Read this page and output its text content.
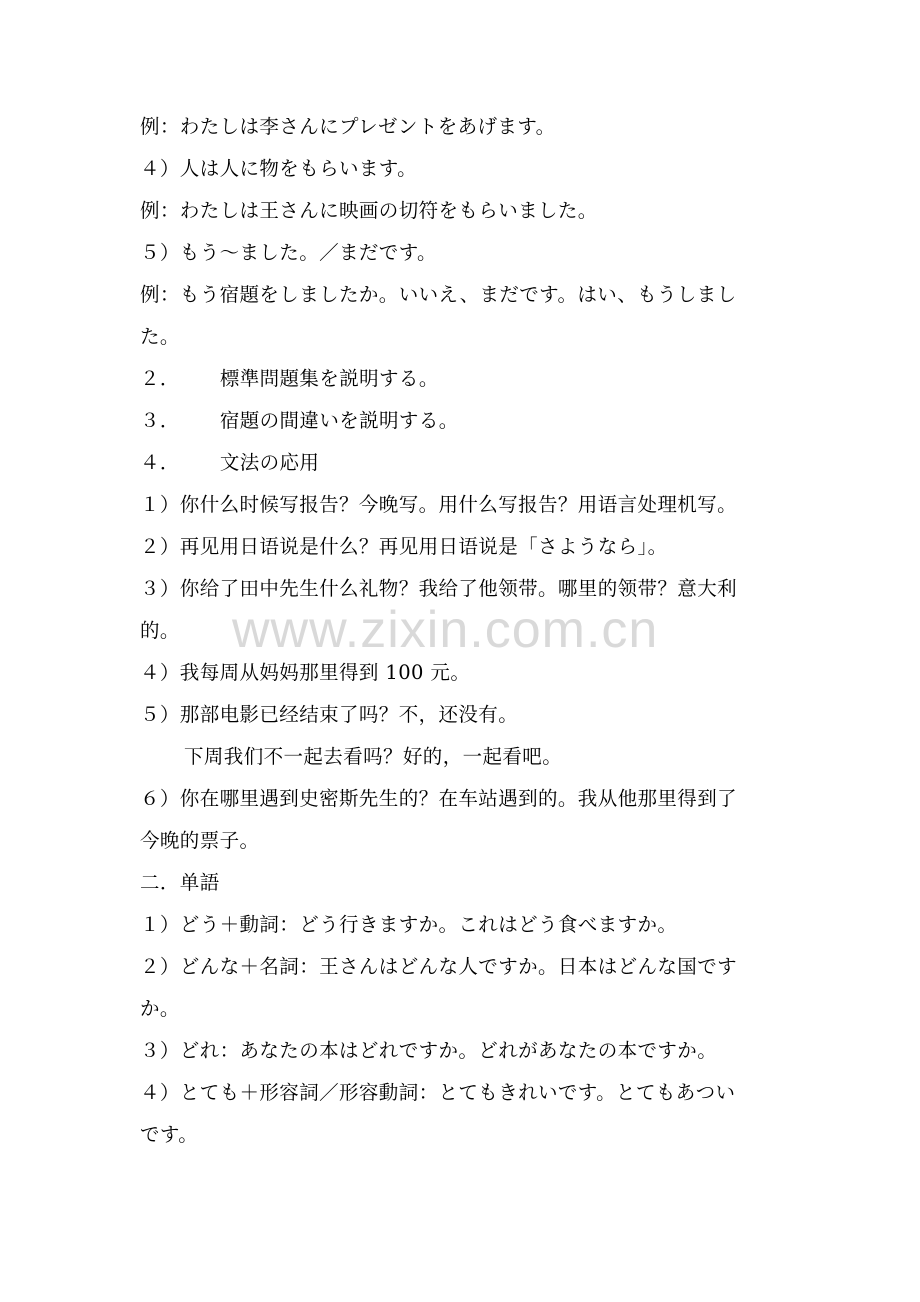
例：わたしは李さんにプレゼントをあげます。
４）人は人に物をもらいます。
例：わたしは王さんに映画の切符をもらいました。
５）もう～ました。／まだです。
例：もう宿題をしましたか。いいえ、まだです。はい、もうしまし
た。
２． 標準問題集を説明する。
３． 宿題の間違いを説明する。
４． 文法の応用
１）你什么时候写报告？今晚写。用什么写报告？用语言处理机写。
２）再见用日语说是什么？再见用日语说是「さようなら」。
３）你给了田中先生什么礼物？我给了他领带。哪里的领带？意大利
的。
４）我每周从妈妈那里得到 100 元。
５）那部电影已经结束了吗？不，还没有。
下周我们不一起去看吗？好的，一起看吧。
６）你在哪里遇到史密斯先生的？在车站遇到的。我从他那里得到了
今晚的票子。
二．单語
１）どう＋動詞：どう行きますか。これはどう食べますか。
２）どんな＋名詞：王さんはどんな人ですか。日本はどんな国です
か。
３）どれ：あなたの本はどれですか。どれがあなたの本ですか。
４）とても＋形容詞／形容動詞：とてもきれいです。とてもあつい
です。
www.zixin.com.cn
